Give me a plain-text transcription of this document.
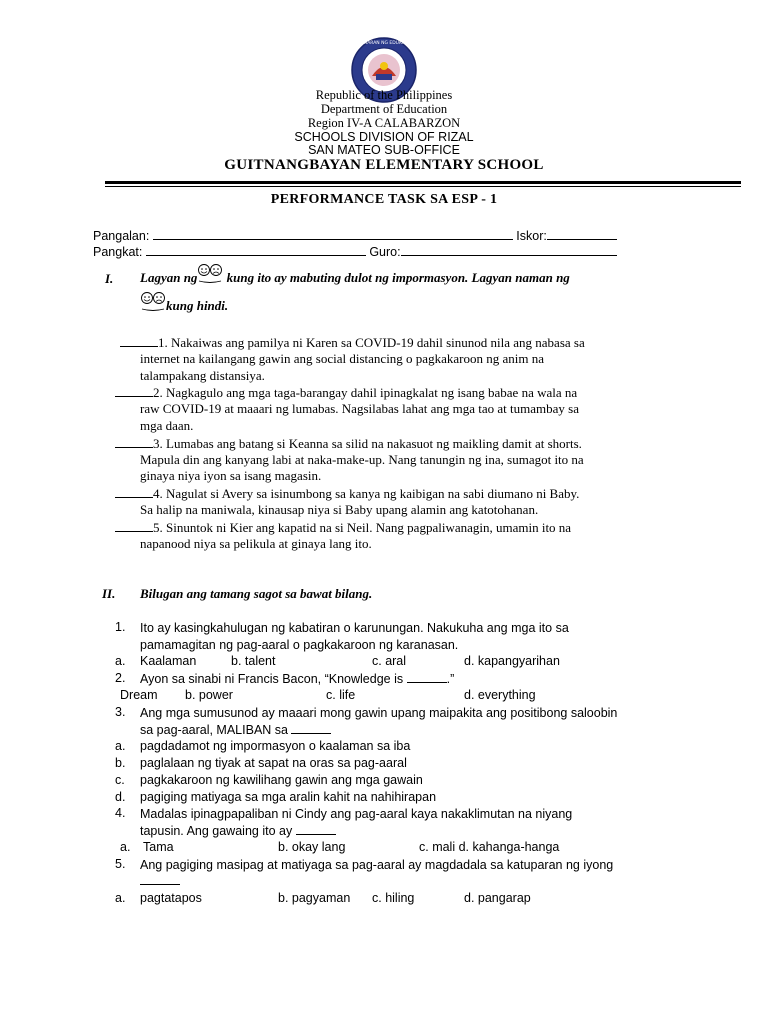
KAGAWARAN NG EDUKASYON
Republic of the Philippines
Department of Education
Region IV-A CALABARZON
SCHOOLS DIVISION OF RIZAL
SAN MATEO SUB-OFFICE
GUITNANGBAYAN ELEMENTARY SCHOOL
PERFORMANCE TASK SA ESP - 1
Pangalan:	Iskor:
Pangkat:	Guro:
I. Lagyan ng kung ito ay mabuting dulot ng impormasyon. Lagyan naman ng
kung hindi.
1. Nakaiwas ang pamilya ni Karen sa COVID-19 dahil sinunod nila ang nabasa sa
internet na kailangang gawin ang social distancing o pagkakaroon ng anim na
talampakang distansiya.
2. Nagkagulo ang mga taga-barangay dahil ipinagkalat ng isang babae na wala na
raw COVID-19 at maaari ng lumabas. Nagsilabas lahat ang mga tao at tumambay sa
mga daan.
3. Lumabas ang batang si Keanna sa silid na nakasuot ng maikling damit at shorts.
Mapula din ang kanyang labi at naka-make-up. Nang tanungin ng ina, sumagot ito na
ginaya niya iyon sa isang magasin.
4. Nagulat si Avery sa isinumbong sa kanya ng kaibigan na sabi diumano ni Baby.
Sa halip na maniwala, kinausap niya si Baby upang alamin ang katotohanan.
5. Sinuntok ni Kier ang kapatid na si Neil. Nang pagpaliwanagin, umamin ito na
napanood niya sa pelikula at ginaya lang ito.
II. Bilugan ang tamang sagot sa bawat bilang.
1. Ito ay kasingkahulugan ng kabatiran o karunungan. Nakukuha ang mga ito sa
pamamagitan ng pag-aaral o pagkakaroon ng karanasan.
a. Kaalaman	b. talent	c. aral	d. kapangyarihan
2. Ayon sa sinabi ni Francis Bacon, “Knowledge is	.”
Dream b. power	c. life	d. everything
3. Ang mga sumusunod ay maaari mong gawin upang maipakita ang positibong saloobin
sa pag-aaral, MALIBAN sa
a. pagdadamot ng impormasyon o kaalaman sa iba
b. paglalaan ng tiyak at sapat na oras sa pag-aaral
c. pagkakaroon ng kawilihang gawin ang mga gawain
d. pagiging matiyaga sa mga aralin kahit na nahihirapan
4. Madalas ipinagpapaliban ni Cindy ang pag-aaral kaya nakaklimutan na niyang
tapusin. Ang gawaing ito ay
a. Tama	b. okay lang	c. mali d. kahanga-hanga
5. Ang pagiging masipag at matiyaga sa pag-aaral ay magdadala sa katuparan ng iyong
a. pagtatapos	b. pagyaman c. hiling	d. pangarap
